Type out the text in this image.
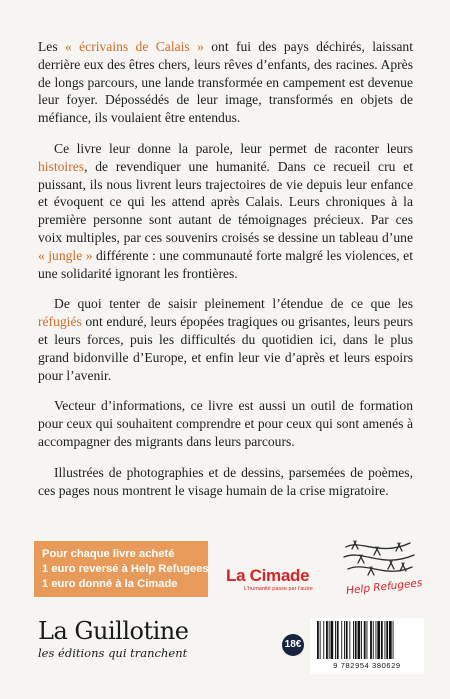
Les « écrivains de Calais » ont fui des pays déchirés, laissant derrière eux des êtres chers, leurs rêves d’enfants, des racines. Après de longs parcours, une lande transformée en campement est devenue leur foyer. Dépossédés de leur image, transformés en objets de méfiance, ils voulaient être entendus.

Ce livre leur donne la parole, leur permet de raconter leurs histoires, de revendiquer une humanité. Dans ce recueil cru et puissant, ils nous livrent leurs trajectoires de vie depuis leur enfance et évoquent ce qui les attend après Calais. Leurs chroniques à la première personne sont autant de témoignages précieux. Par ces voix multiples, par ces souvenirs croisés se dessine un tableau d’une « jungle » différente : une communauté forte malgré les violences, et une solidarité ignorant les frontières.

De quoi tenter de saisir pleinement l’étendue de ce que les réfugiés ont enduré, leurs épopées tragiques ou grisantes, leurs peurs et leurs forces, puis les difficultés du quotidien ici, dans le plus grand bidonville d’Europe, et enfin leur vie d’après et leurs espoirs pour l’avenir.

Vecteur d’informations, ce livre est aussi un outil de formation pour ceux qui souhaitent comprendre et pour ceux qui sont amenés à accompagner des migrants dans leurs parcours.

Illustrées de photographies et de dessins, parsemées de poèmes, ces pages nous montrent le visage humain de la crise migratoire.

Pour chaque livre acheté
1 euro reversé à Help Refugees
1 euro donné à la Cimade	La Cimade
L'humanité passe par l'autre	Help Refugees
La Guillotine
les éditions qui tranchent
18€
9 782954 380629
